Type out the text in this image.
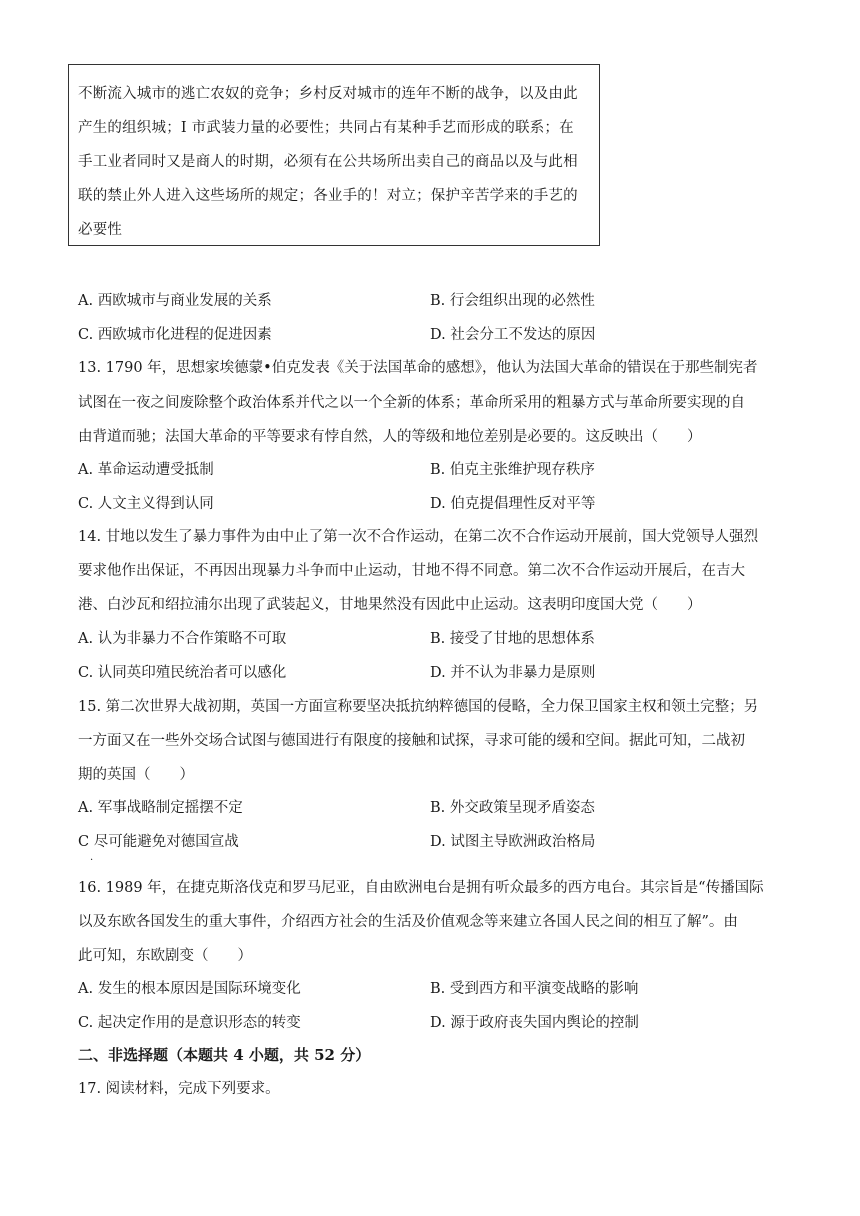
不断流入城市的逃亡农奴的竞争；乡村反对城市的连年不断的战争，以及由此

产生的组织城；I 市武装力量的必要性；共同占有某种手艺而形成的联系；在

手工业者同时又是商人的时期，必须有在公共场所出卖自己的商品以及与此相

联的禁止外人进入这些场所的规定；各业手的！对立；保护辛苦学来的手艺的

必要性

A. 西欧城市与商业发展的关系	B. 行会组织出现的必然性
C. 西欧城市化进程的促进因素	D. 社会分工不发达的原因
13. 1790 年，思想家埃德蒙•伯克发表《关于法国革命的感想》，他认为法国大革命的错误在于那些制宪者
试图在一夜之间废除整个政治体系并代之以一个全新的体系；革命所采用的粗暴方式与革命所要实现的自
由背道而驰；法国大革命的平等要求有悖自然，人的等级和地位差别是必要的。这反映出（　　）
A. 革命运动遭受抵制	B. 伯克主张维护现存秩序
C. 人文主义得到认同	D. 伯克提倡理性反对平等
14. 甘地以发生了暴力事件为由中止了第一次不合作运动，在第二次不合作运动开展前，国大党领导人强烈
要求他作出保证，不再因出现暴力斗争而中止运动，甘地不得不同意。第二次不合作运动开展后，在吉大
港、白沙瓦和绍拉浦尔出现了武装起义，甘地果然没有因此中止运动。这表明印度国大党（　　）
A. 认为非暴力不合作策略不可取	B. 接受了甘地的思想体系
C. 认同英印殖民统治者可以感化	D. 并不认为非暴力是原则
15. 第二次世界大战初期，英国一方面宣称要坚决抵抗纳粹德国的侵略，全力保卫国家主权和领土完整；另
一方面又在一些外交场合试图与德国进行有限度的接触和试探，寻求可能的缓和空间。据此可知，二战初
期的英国（　　）
A. 军事战略制定摇摆不定	B. 外交政策呈现矛盾姿态
C 尽可能避免对德国宣战	D. 试图主导欧洲政治格局
.
16. 1989 年，在捷克斯洛伐克和罗马尼亚，自由欧洲电台是拥有听众最多的西方电台。其宗旨是“传播国际
以及东欧各国发生的重大事件，介绍西方社会的生活及价值观念等来建立各国人民之间的相互了解”。由
此可知，东欧剧变（　　）
A. 发生的根本原因是国际环境变化	B. 受到西方和平演变战略的影响
C. 起决定作用的是意识形态的转变	D. 源于政府丧失国内舆论的控制
二、非选择题（本题共 4 小题，共 52 分）
17. 阅读材料，完成下列要求。
